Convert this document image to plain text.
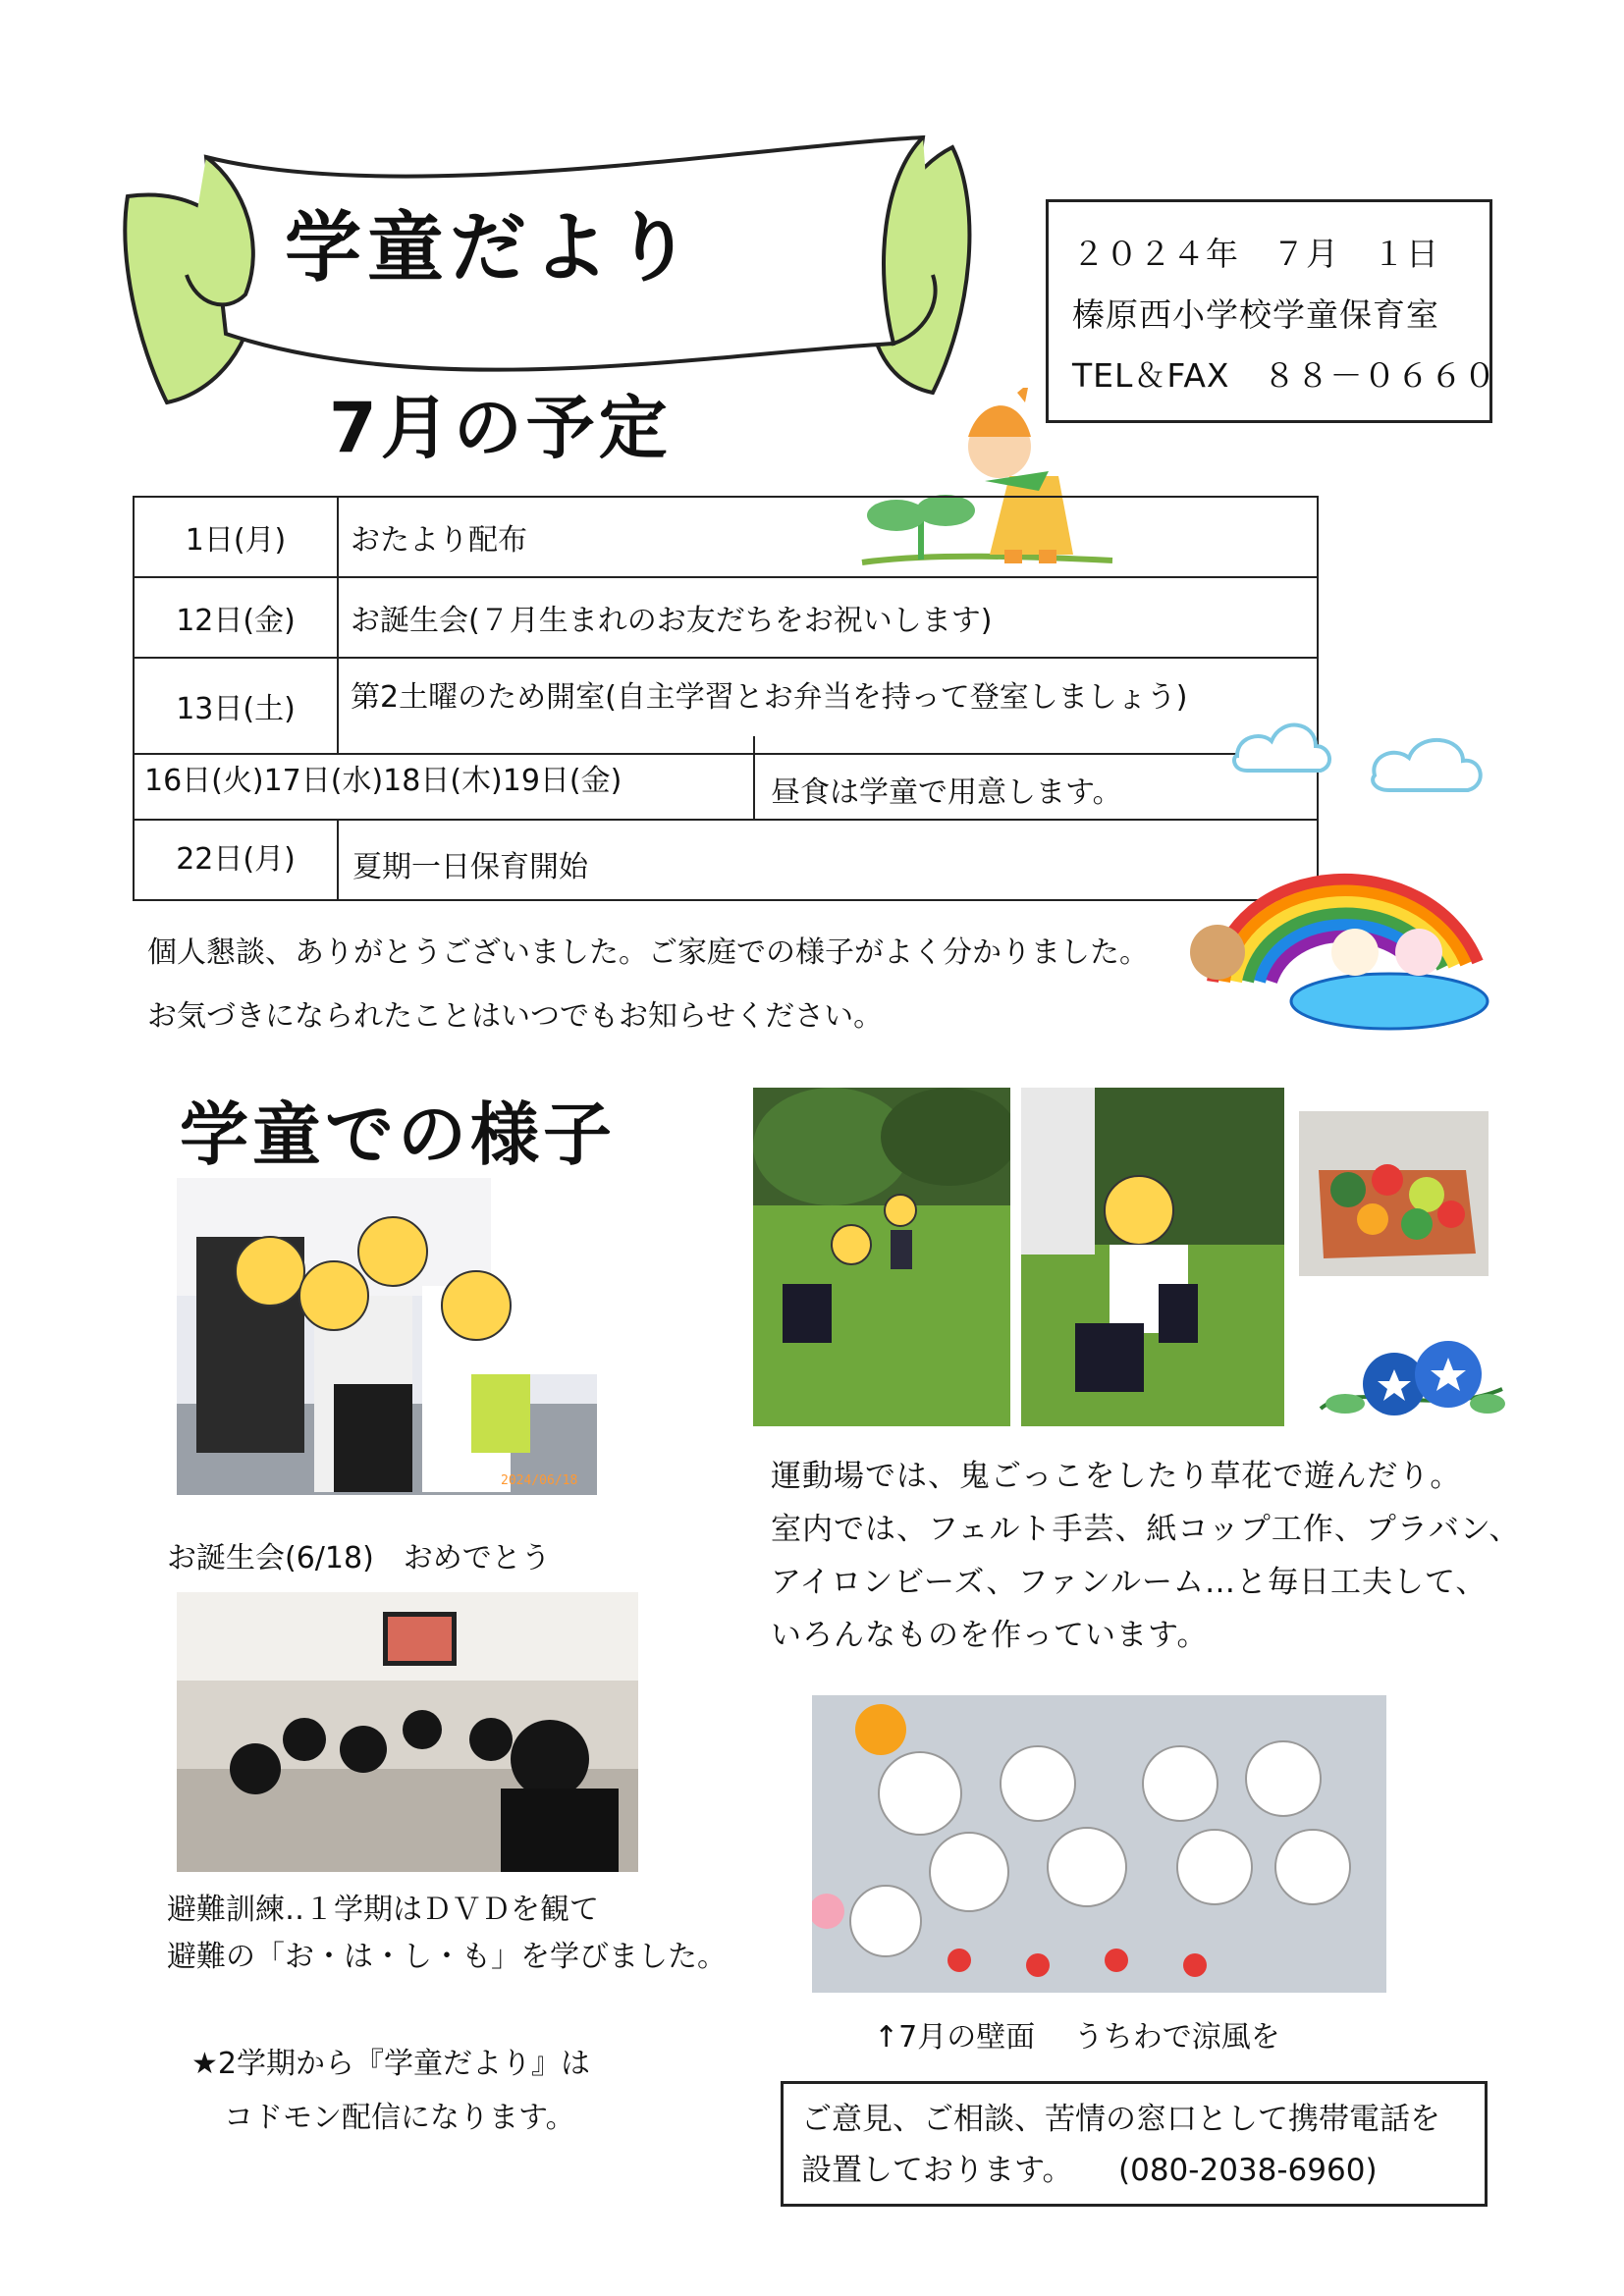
学童だより
7月の予定
２０２４年　７月　１日
榛原西小学校学童保育室
TEL＆FAX　８８－０６６０
1日(月)	おたより配布
12日(金)	お誕生会(７月生まれのお友だちをお祝いします)
13日(土)	第2土曜のため開室(自主学習とお弁当を持って登室しましょう)
16日(火)17日(水)18日(木)19日(金)	昼食は学童で用意します。
22日(月)	夏期一日保育開始
個人懇談、ありがとうございました。ご家庭での様子がよく分かりました。
お気づきになられたことはいつでもお知らせください。
学童での様子
2024/06/18
お誕生会(6/18)　おめでとう
避難訓練‥１学期はＤＶＤを観て
避難の「お・は・し・も」を学びました。
★2学期から『学童だより』は
コドモン配信になります。
運動場では、鬼ごっこをしたり草花で遊んだり。
室内では、フェルト手芸、紙コップ工作、プラバン、
アイロンビーズ、ファンルーム…と毎日工夫して、
いろんなものを作っています。
↑7月の壁面　 うちわで涼風を
ご意見、ご相談、苦情の窓口として携帯電話を
設置しております。　　(080-2038-6960)
